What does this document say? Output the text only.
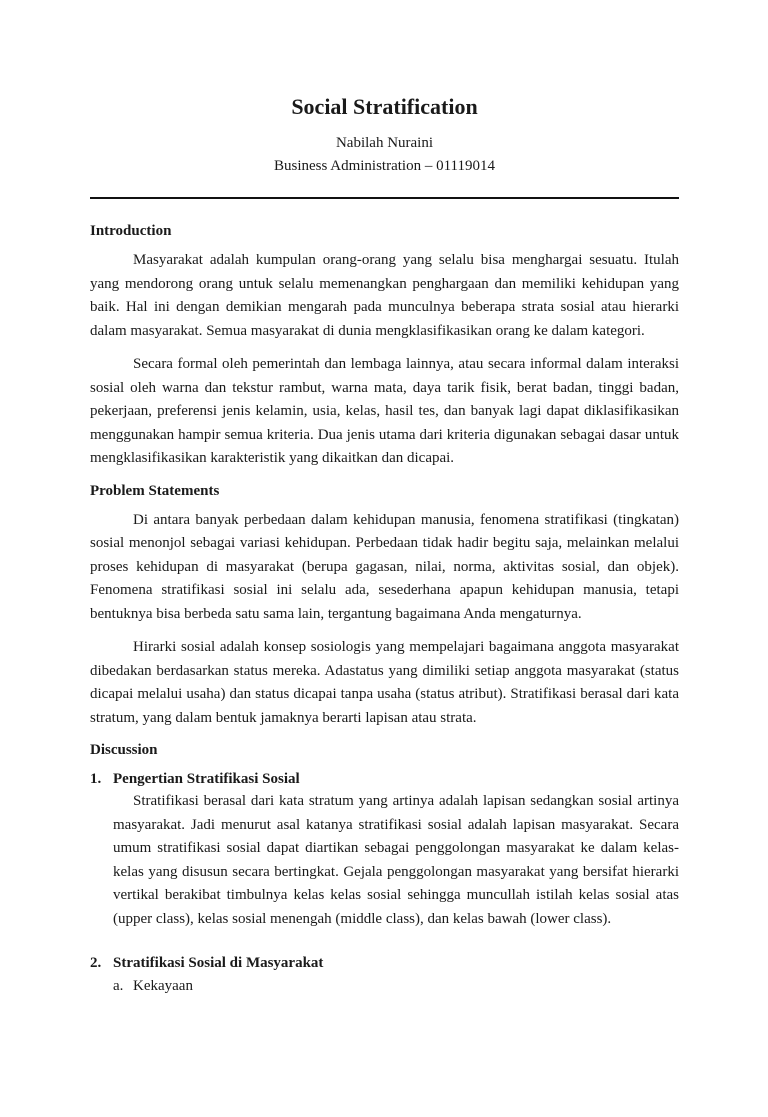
Social Stratification
Nabilah Nuraini
Business Administration – 01119014
Introduction

Masyarakat adalah kumpulan orang-orang yang selalu bisa menghargai sesuatu. Itulah yang mendorong orang untuk selalu memenangkan penghargaan dan memiliki kehidupan yang baik. Hal ini dengan demikian mengarah pada munculnya beberapa strata sosial atau hierarki dalam masyarakat. Semua masyarakat di dunia mengklasifikasikan orang ke dalam kategori.

Secara formal oleh pemerintah dan lembaga lainnya, atau secara informal dalam interaksi sosial oleh warna dan tekstur rambut, warna mata, daya tarik fisik, berat badan, tinggi badan, pekerjaan, preferensi jenis kelamin, usia, kelas, hasil tes, dan banyak lagi dapat diklasifikasikan menggunakan hampir semua kriteria. Dua jenis utama dari kriteria digunakan sebagai dasar untuk mengklasifikasikan karakteristik yang dikaitkan dan dicapai.

Problem Statements

Di antara banyak perbedaan dalam kehidupan manusia, fenomena stratifikasi (tingkatan) sosial menonjol sebagai variasi kehidupan. Perbedaan tidak hadir begitu saja, melainkan melalui proses kehidupan di masyarakat (berupa gagasan, nilai, norma, aktivitas sosial, dan objek). Fenomena stratifikasi sosial ini selalu ada, sesederhana apapun kehidupan manusia, tetapi bentuknya bisa berbeda satu sama lain, tergantung bagaimana Anda mengaturnya.

Hirarki sosial adalah konsep sosiologis yang mempelajari bagaimana anggota masyarakat dibedakan berdasarkan status mereka. Adastatus yang dimiliki setiap anggota masyarakat (status dicapai melalui usaha) dan status dicapai tanpa usaha (status atribut). Stratifikasi berasal dari kata stratum, yang dalam bentuk jamaknya berarti lapisan atau strata.

Discussion
1. Pengertian Stratifikasi Sosial

Stratifikasi berasal dari kata stratum yang artinya adalah lapisan sedangkan sosial artinya masyarakat. Jadi menurut asal katanya stratifikasi sosial adalah lapisan masyarakat. Secara umum stratifikasi sosial dapat diartikan sebagai penggolongan masyarakat ke dalam kelas-kelas yang disusun secara bertingkat. Gejala penggolongan masyarakat yang bersifat hierarki vertikal berakibat timbulnya kelas kelas sosial sehingga muncullah istilah kelas sosial atas (upper class), kelas sosial menengah (middle class), dan kelas bawah (lower class).

2. Stratifikasi Sosial di Masyarakat
a. Kekayaan
